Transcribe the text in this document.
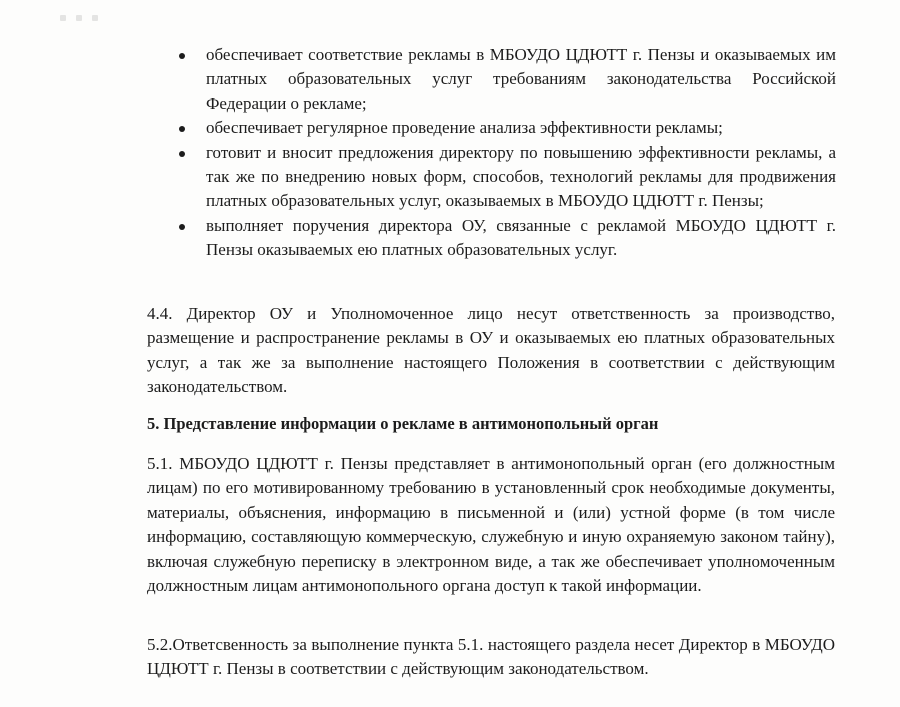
обеспечивает соответствие рекламы в МБОУДО ЦДЮТТ г. Пензы и оказываемых им платных образовательных услуг требованиям законодательства Российской Федерации о рекламе;
обеспечивает регулярное проведение анализа эффективности рекламы;
готовит и вносит предложения директору по повышению эффективности рекламы, а так же по внедрению новых форм, способов, технологий рекламы для продвижения платных образовательных услуг, оказываемых в МБОУДО ЦДЮТТ г. Пензы;
выполняет поручения директора ОУ, связанные с рекламой МБОУДО ЦДЮТТ г. Пензы оказываемых ею платных образовательных услуг.

4.4. Директор ОУ и Уполномоченное лицо несут ответственность за производство, размещение и распространение рекламы в ОУ и оказываемых ею платных образовательных услуг, а так же за выполнение настоящего Положения в соответствии с действующим законодательством.

5. Представление информации о рекламе в антимонопольный орган

5.1. МБОУДО ЦДЮТТ г. Пензы представляет в антимонопольный орган (его должностным лицам) по его мотивированному требованию в установленный срок необходимые документы, материалы, объяснения, информацию в письменной и (или) устной форме (в том числе информацию, составляющую коммерческую, служебную и иную охраняемую законом тайну), включая служебную переписку в электронном виде, а так же обеспечивает уполномоченным должностным лицам антимонопольного органа доступ к такой информации.

5.2.Ответсвенность за выполнение пункта 5.1. настоящего раздела несет Директор в МБОУДО ЦДЮТТ г. Пензы в соответствии с действующим законодательством.
